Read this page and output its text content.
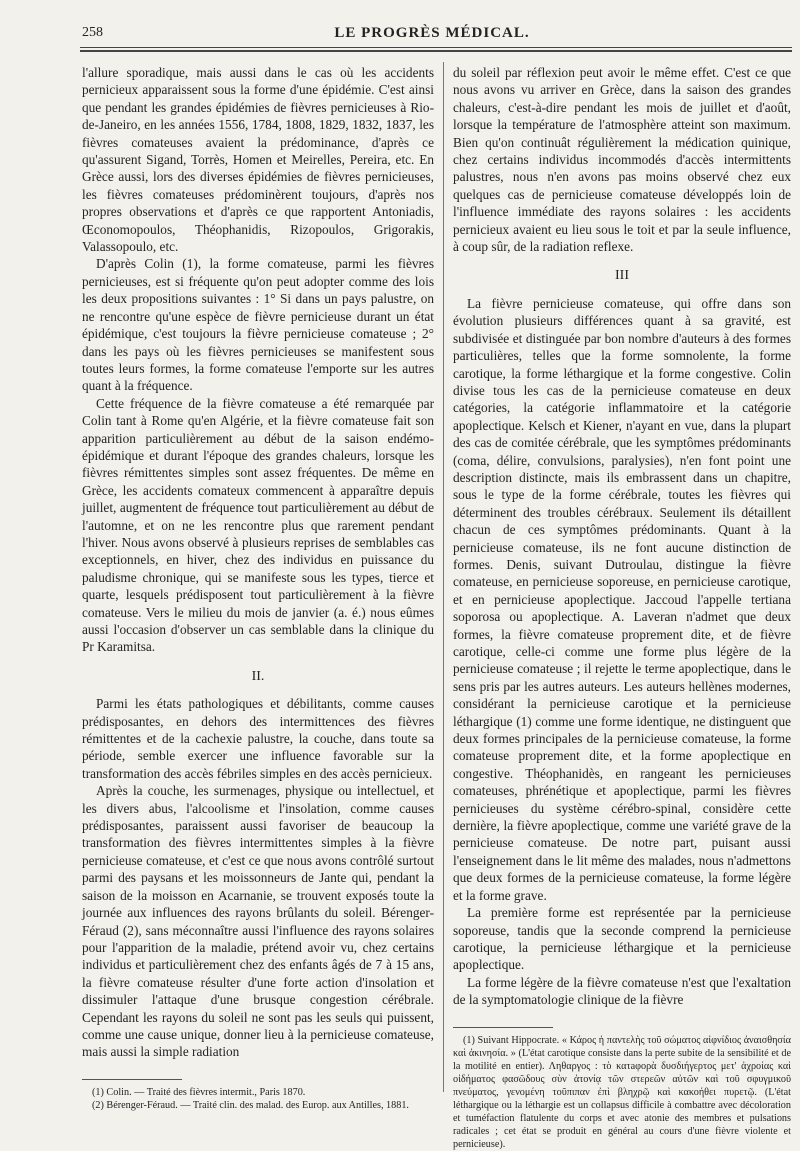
258	LE PROGRÈS MÉDICAL.

l'allure sporadique, mais aussi dans le cas où les accidents pernicieux apparaissent sous la forme d'une épidémie. C'est ainsi que pendant les grandes épidémies de fièvres pernicieuses à Rio-de-Janeiro, en les années 1556, 1784, 1808, 1829, 1832, 1837, les fièvres comateuses avaient la prédominance, d'après ce qu'assurent Sigand, Torrès, Homen et Meirelles, Pereira, etc. En Grèce aussi, lors des diverses épidémies de fièvres pernicieuses, les fièvres comateuses prédominèrent toujours, d'après nos propres observations et d'après ce que rapportent Antoniadis, Œconomopoulos, Théophanidis, Rizopoulos, Grigorakis, Valassopoulo, etc.

D'après Colin (1), la forme comateuse, parmi les fièvres pernicieuses, est si fréquente qu'on peut adopter comme des lois les deux propositions suivantes : 1° Si dans un pays palustre, on ne rencontre qu'une espèce de fièvre pernicieuse durant un état épidémique, c'est toujours la fièvre pernicieuse comateuse ; 2° dans les pays où les fièvres pernicieuses se manifestent sous toutes leurs formes, la forme comateuse l'emporte sur les autres quant à la fréquence.

Cette fréquence de la fièvre comateuse a été remarquée par Colin tant à Rome qu'en Algérie, et la fièvre comateuse fait son apparition particulièrement au début de la saison endémo-épidémique et durant l'époque des grandes chaleurs, lorsque les fièvres rémittentes simples sont assez fréquentes. De même en Grèce, les accidents comateux commencent à apparaître depuis juillet, augmentent de fréquence tout particulièrement au début de l'automne, et on ne les rencontre plus que rarement pendant l'hiver. Nous avons observé à plusieurs reprises de semblables cas exceptionnels, en hiver, chez des individus en puissance du paludisme chronique, qui se manifeste sous les types, tierce et quarte, lesquels prédisposent tout particulièrement à la fièvre comateuse. Vers le milieu du mois de janvier (a. é.) nous eûmes aussi l'occasion d'observer un cas semblable dans la clinique du Pr Karamitsa.

II.

Parmi les états pathologiques et débilitants, comme causes prédisposantes, en dehors des intermittences des fièvres rémittentes et de la cachexie palustre, la couche, dans toute sa période, semble exercer une influence favorable sur la transformation des accès fébriles simples en des accès pernicieux.

Après la couche, les surmenages, physique ou intellectuel, et les divers abus, l'alcoolisme et l'insolation, comme causes prédisposantes, paraissent aussi favoriser de beaucoup la transformation des fièvres intermittentes simples à la fièvre pernicieuse comateuse, et c'est ce que nous avons contrôlé surtout parmi des paysans et les moissonneurs de Jante qui, pendant la saison de la moisson en Acarnanie, se trouvent exposés toute la journée aux influences des rayons brûlants du soleil. Bérenger-Féraud (2), sans méconnaître aussi l'influence des rayons solaires pour l'apparition de la maladie, prétend avoir vu, chez certains individus et particulièrement chez des enfants âgés de 7 à 15 ans, la fièvre comateuse résulter d'une forte action d'insolation et dissimuler l'attaque d'une brusque congestion cérébrale. Cependant les rayons du soleil ne sont pas les seuls qui puissent, comme une cause unique, donner lieu à la pernicieuse comateuse, mais aussi la simple radiation

(1) Colin. — Traité des fièvres intermit., Paris 1870.

(2) Bérenger-Féraud. — Traité clin. des malad. des Europ. aux Antilles, 1881.

du soleil par réflexion peut avoir le même effet. C'est ce que nous avons vu arriver en Grèce, dans la saison des grandes chaleurs, c'est-à-dire pendant les mois de juillet et d'août, lorsque la température de l'atmosphère atteint son maximum. Bien qu'on continuât régulièrement la médication quinique, chez certains individus incommodés d'accès intermittents palustres, nous n'en avons pas moins observé chez eux quelques cas de pernicieuse comateuse développés loin de l'influence immédiate des rayons solaires : les accidents pernicieux avaient eu lieu sous le toit et par la seule influence, à coup sûr, de la radiation reflexe.

III

La fièvre pernicieuse comateuse, qui offre dans son évolution plusieurs différences quant à sa gravité, est subdivisée et distinguée par bon nombre d'auteurs à des formes particulières, telles que la forme somnolente, la forme carotique, la forme léthargique et la forme congestive. Colin divise tous les cas de la pernicieuse comateuse en deux catégories, la catégorie inflammatoire et la catégorie apoplectique. Kelsch et Kiener, n'ayant en vue, dans la plupart des cas de comitée cérébrale, que les symptômes prédominants (coma, délire, convulsions, paralysies), n'en font point une description distincte, mais ils embrassent dans un chapitre, sous le type de la forme cérébrale, toutes les fièvres qui déterminent des troubles cérébraux. Seulement ils détaillent chacun de ces symptômes prédominants. Quant à la pernicieuse comateuse, ils ne font aucune distinction de formes. Denis, suivant Dutroulau, distingue la fièvre comateuse, en pernicieuse soporeuse, en pernicieuse carotique, et en pernicieuse apoplectique. Jaccoud l'appelle tertiana soporosa ou apoplectique. A. Laveran n'admet que deux formes, la fièvre comateuse proprement dite, et de fièvre carotique, celle-ci comme une forme plus légère de la pernicieuse comateuse ; il rejette le terme apoplectique, dans le sens pris par les autres auteurs. Les auteurs hellènes modernes, considérant la pernicieuse carotique et la pernicieuse léthargique (1) comme une forme identique, ne distinguent que deux formes principales de la pernicieuse comateuse, la forme comateuse proprement dite, et la forme apoplectique en congestive. Théophanidès, en rangeant les pernicieuses comateuses, phrénétique et apoplectique, parmi les fièvres pernicieuses du système cérébro-spinal, considère cette dernière, la fièvre apoplectique, comme une variété grave de la pernicieuse comateuse. De notre part, puisant aussi l'enseignement dans le lit même des malades, nous n'admettons que deux formes de la pernicieuse comateuse, la forme légère et la forme grave.

La première forme est représentée par la pernicieuse soporeuse, tandis que la seconde comprend la pernicieuse carotique, la pernicieuse léthargique et la pernicieuse apoplectique.

La forme légère de la fièvre comateuse n'est que l'exaltation de la symptomatologie clinique de la fièvre

(1) Suivant Hippocrate. « Κάρος ἡ παντελὴς τοῦ σώματος αἰφνίδιος ἀναισθησία καὶ ἀκινησία. » (L'état carotique consiste dans la perte subite de la sensibilité et de la motilité en entier). Ληθαργος : τὸ κατaφορὰ δυσδιήγερτος μετ' ἀχροίας καὶ οἰδήματος φασῶδους σὺν ἀτονίᾳ τῶν στερεῶν αὐτῶν καὶ τοῦ σφυγμικοῦ πνεύματος, γενομένη τοῦπιπαν ἐπὶ βληχρῷ καὶ κακοήθει πυρετῷ. (L'état léthargique ou la léthargie est un collapsus difficile à combattre avec décoloration et tuméfaction flatulente du corps et avec atonie des membres et pulsations radicales ; cet état se produit en général au cours d'une fièvre violente et pernicieuse).
